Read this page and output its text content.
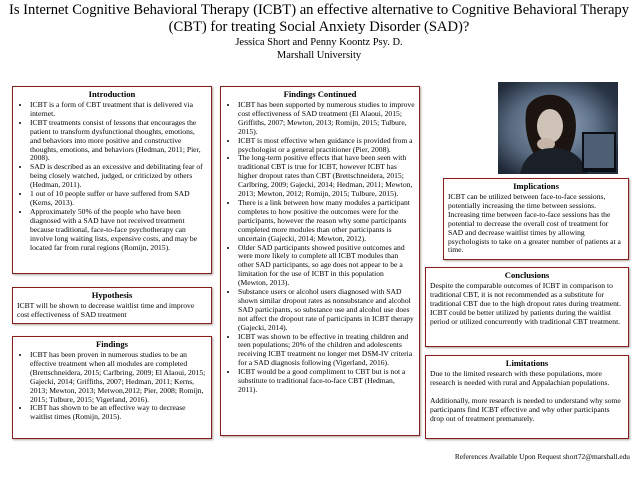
Is Internet Cognitive Behavioral Therapy (ICBT) an effective alternative to Cognitive Behavioral Therapy

(CBT) for treating Social Anxiety Disorder (SAD)?

Jessica Short and Penny Koontz Psy. D.

Marshall University

Introduction
• ICBT is a form of CBT treatment that is delivered via internet.
• ICBT treatments consist of lessons that encourages the patient to transform dysfunctional thoughts, emotions, and behaviors into more positive and constructive thoughts, emotions, and behaviors (Hedman, 2011; Pier, 2008).
• SAD is described as an excessive and debilitating fear of being closely watched, judged, or criticized by others (Hedman, 2011).
• 1 out of 10 people suffer or have suffered from SAD (Kerns, 2013).
• Approximately 50% of the people who have been diagnosed with a SAD have not received treatment because traditional, face-to-face psychotherapy can involve long waiting lists, expensive costs, and may be located far from rural regions (Romijn, 2015).
Hypothesis

ICBT will be shown to decrease waitlist time and improve cost effectiveness of SAD treatment

Findings
• ICBT has been proven in numerous studies to be an effective treatment when all modules are completed (Brettschneidera, 2015; Carlbring, 2009; El Alaoui, 2015; Gajecki, 2014; Griffiths, 2007; Hedman, 2011; Kerns, 2013; Mewton, 2013; Metwon,2012; Pier, 2008; Romijn, 2015; Tulbure, 2015; Vigerland, 2016).
• ICBT has shown to be an effective way to decrease waitlist times (Romijn, 2015).
Findings Continued
• ICBT has been supported by numerous studies to improve cost effectiveness of SAD treatment (El Alaoui, 2015; Griffiths, 2007; Mewton, 2013; Romijn, 2015; Tulbure, 2015).
• ICBT is most effective when guidance is provided from a psychologist or a general practitioner (Pier, 2008).
• The long-term positive effects that have been seen with traditional CBT is true for ICBT, however ICBT has higher dropout rates than CBT (Brettschneidera, 2015; Carlbring, 2009; Gajecki, 2014; Hedman, 2011; Mewton, 2013; Mewton, 2012; Romijn, 2015; Tulbure, 2015).
• There is a link between how many modules a participant completes to how positive the outcomes were for the participants, however the reason why some participants completed more modules than other participants is uncertain (Gajecki, 2014; Mewton, 2012).
• Older SAD participants showed positive outcomes and were more likely to complete all ICBT modules than other SAD participants, so age does not appear to be a limitation for the use of ICBT in this population (Mewton, 2013).
• Substance users or alcohol users diagnosed with SAD shown similar dropout rates as nonsubstance and alcohol SAD participants, so substance use and alcohol use does not affect the dropout rate of participants in ICBT therapy (Gajecki, 2014).
• ICBT was shown to be effective in treating children and teen populations; 20% of the children and adolescents receiving ICBT treatment no longer met DSM-IV criteria for a SAD diagnosis following (Vigerland, 2016).
• ICBT would be a good compliment to CBT but is not a substitute to traditional face-to-face CBT (Hedman, 2011).
Implications

ICBT can be utilized between face-to-face sessions, potentially increasing the time between sessions. Increasing time between face-to-face sessions has the potential to decrease the overall cost of treatment for SAD and decrease waitlist times by allowing psychologists to take on a greater number of patients at a time.

Conclusions

Despite the comparable outcomes of ICBT in comparison to traditional CBT, it is not recommended as a substitute for traditional CBT due to the high dropout rates during treatment.

ICBT could be better utilized by patients during the waitlist period or utilized concurrently with traditional CBT treatment.

Limitations

Due to the limited research with these populations, more research is needed with rural and Appalachian populations.

Additionally, more research is needed to understand why some participants find ICBT effective and why other participants drop out of treatment prematurely.

References Available Upon Request short72@marshall.edu
